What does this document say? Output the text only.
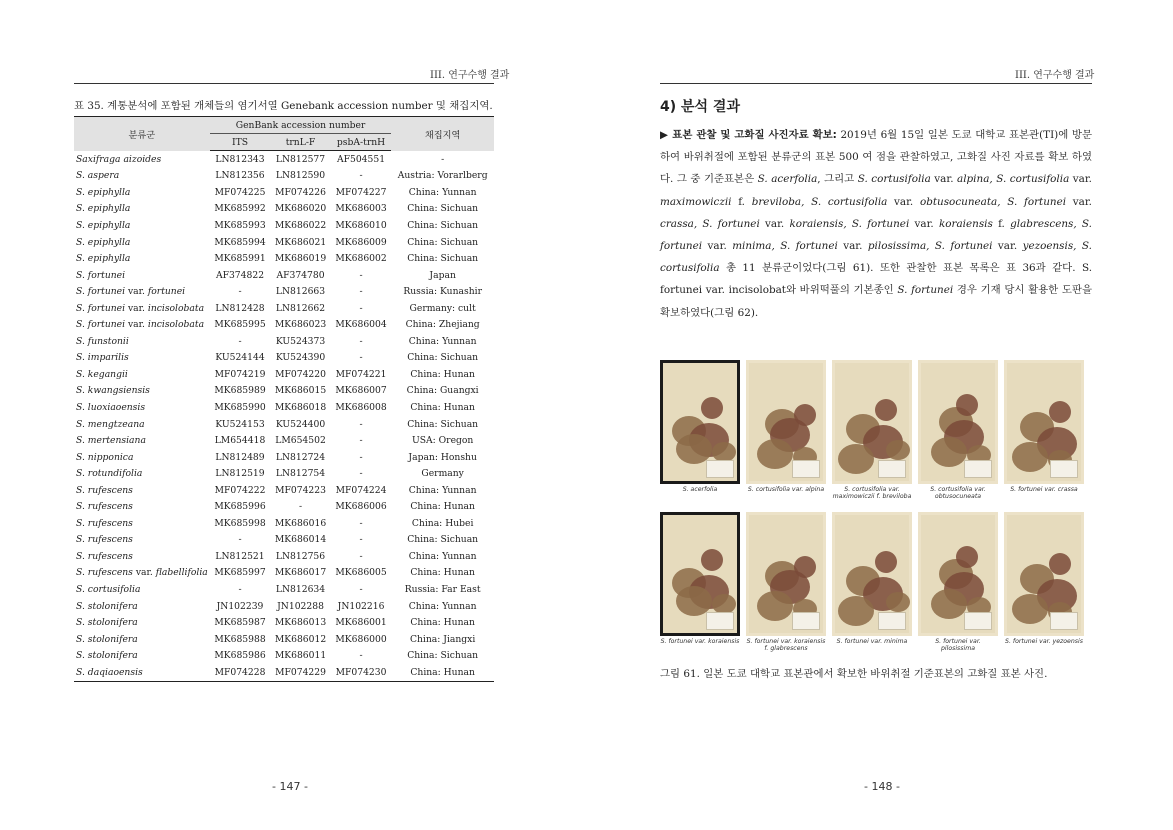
III. 연구수행 결과
표 35. 계통분석에 포함된 개체들의 염기서열 Genebank accession number 및 채집지역.
분류군	GenBank accession number			채집지역
	ITS	trnL-F	psbA-trnH	
Saxifraga aizoides	LN812343	LN812577	AF504551	-
S. aspera	LN812356	LN812590	-	Austria: Vorarlberg
S. epiphylla	MF074225	MF074226	MF074227	China: Yunnan
S. epiphylla	MK685992	MK686020	MK686003	China: Sichuan
S. epiphylla	MK685993	MK686022	MK686010	China: Sichuan
S. epiphylla	MK685994	MK686021	MK686009	China: Sichuan
S. epiphylla	MK685991	MK686019	MK686002	China: Sichuan
S. fortunei	AF374822	AF374780	-	Japan
S. fortunei var. fortunei	-	LN812663	-	Russia: Kunashir
S. fortunei var. incisolobata	LN812428	LN812662	-	Germany: cult
S. fortunei var. incisolobata	MK685995	MK686023	MK686004	China: Zhejiang
S. funstonii	-	KU524373	-	China: Yunnan
S. imparilis	KU524144	KU524390	-	China: Sichuan
S. kegangii	MF074219	MF074220	MF074221	China: Hunan
S. kwangsiensis	MK685989	MK686015	MK686007	China: Guangxi
S. luoxiaoensis	MK685990	MK686018	MK686008	China: Hunan
S. mengtzeana	KU524153	KU524400	-	China: Sichuan
S. mertensiana	LM654418	LM654502	-	USA: Oregon
S. nipponica	LN812489	LN812724	-	Japan: Honshu
S. rotundifolia	LN812519	LN812754	-	Germany
S. rufescens	MF074222	MF074223	MF074224	China: Yunnan
S. rufescens	MK685996	-	MK686006	China: Hunan
S. rufescens	MK685998	MK686016	-	China: Hubei
S. rufescens	-	MK686014	-	China: Sichuan
S. rufescens	LN812521	LN812756	-	China: Yunnan
S. rufescens var. flabellifolia	MK685997	MK686017	MK686005	China: Hunan
S. cortusifolia	-	LN812634	-	Russia: Far East
S. stolonifera	JN102239	JN102288	JN102216	China: Yunnan
S. stolonifera	MK685987	MK686013	MK686001	China: Hunan
S. stolonifera	MK685988	MK686012	MK686000	China: Jiangxi
S. stolonifera	MK685986	MK686011	-	China: Sichuan
S. daqiaoensis	MF074228	MF074229	MF074230	China: Hunan
- 147 -
III. 연구수행 결과
- 148 -
4) 분석 결과
▶ 표본 관찰 및 고화질 사진자료 확보: 2019년 6월 15일 일본 도쿄 대학교 표본관(TI)에 방문하여 바위취절에 포함된 분류군의 표본 500 여 점을 관찰하였고, 고화질 사진 자료를 확보 하였다. 그 중 기준표본은 S. acerfolia, 그리고 S. cortusifolia var. alpina, S. cortusifolia var. maximowiczii f. breviloba, S. cortusifolia var. obtusocuneata, S. fortunei var. crassa, S. fortunei var. koraiensis, S. fortunei var. koraiensis f. glabrescens, S. fortunei var. minima, S. fortunei var. pilosissima, S. fortunei var. yezoensis, S. cortusifolia 총 11 분류군이었다(그림 61). 또한 관찰한 표본 목록은 표 36과 같다. S. fortunei var. incisolobat와 바위떡풀의 기본종인 S. fortunei 경우 기재 당시 활용한 도판을 확보하였다(그림 62).
S. acerfolia	S. cortusifolia var. alpina	S. cortusifolia var. maximowiczii f. breviloba
S. cortusifolia var. obtusocuneata
S. fortunei var. crassa
S. fortunei var. koraiensis S. fortunei var. koraiensis f. glabrescens
S. fortunei var. minima	S. fortunei var. pilosissima
S. fortunei var. yezoensis
그림 61. 일본 도쿄 대학교 표본관에서 확보한 바위취절 기준표본의 고화질 표본 사진.
